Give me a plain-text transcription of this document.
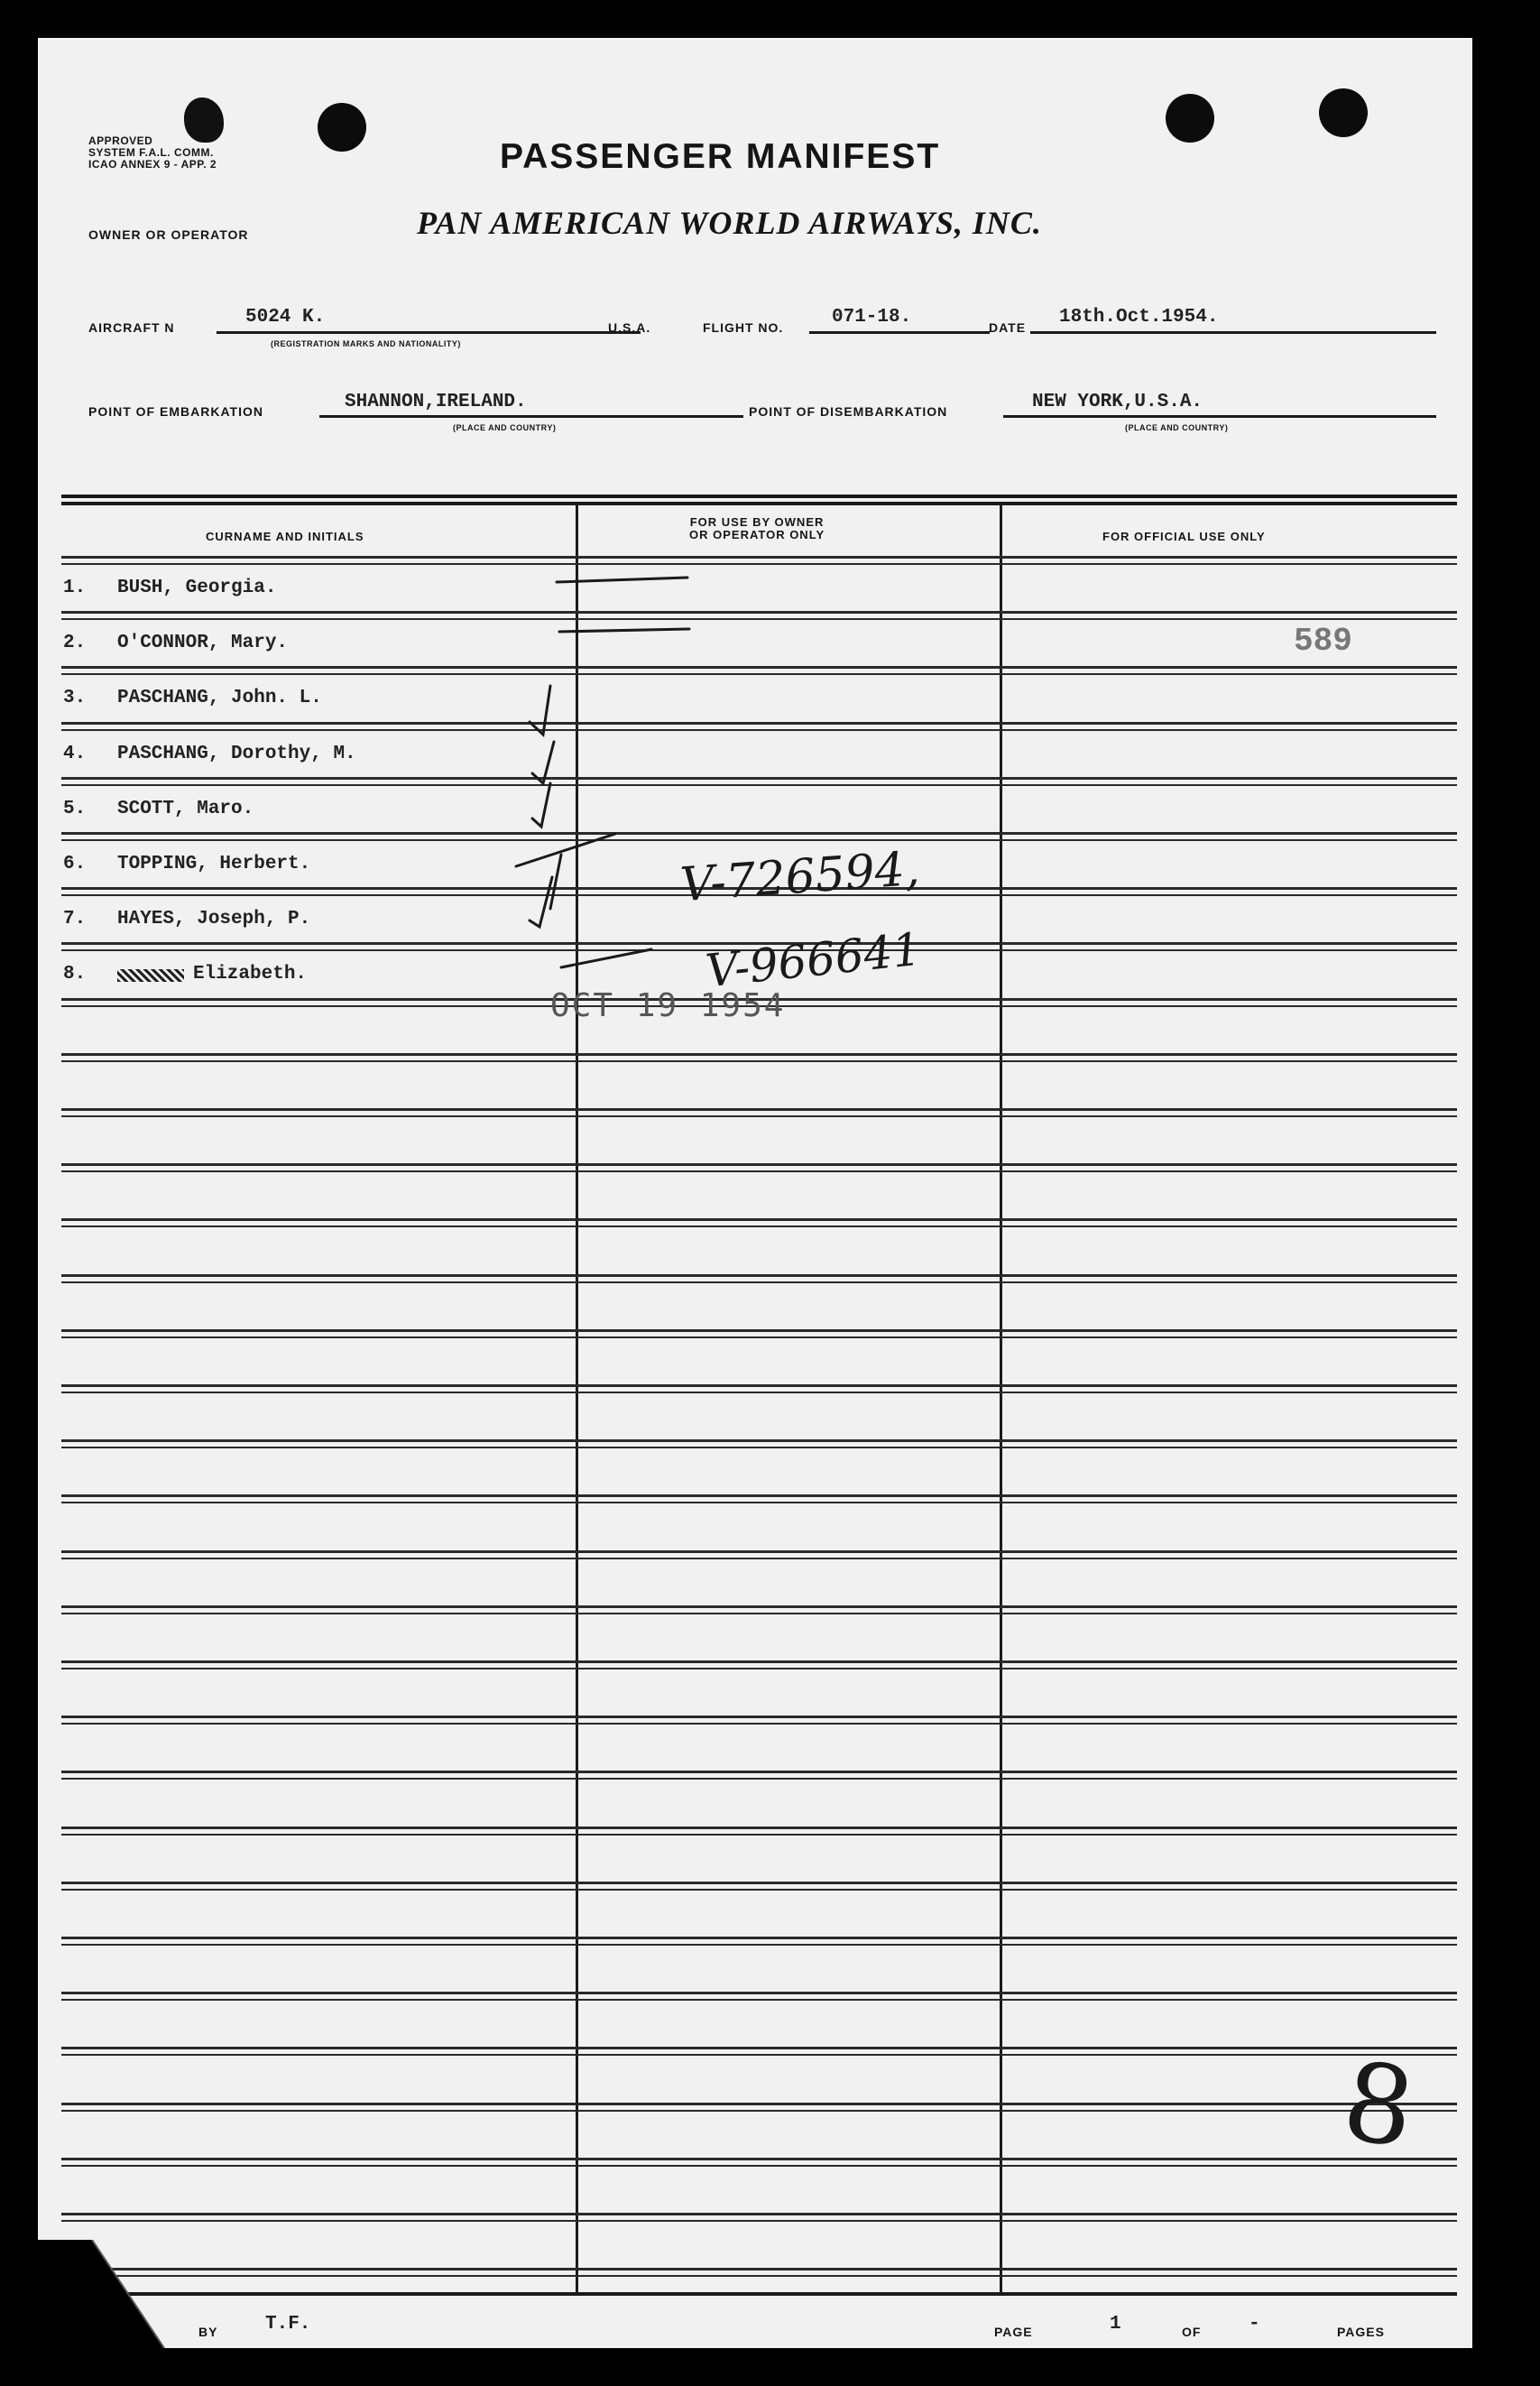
APPROVED
SYSTEM F.A.L. COMM.
ICAO ANNEX 9 - APP. 2	PASSENGER MANIFEST
OWNER OR OPERATOR	PAN AMERICAN WORLD AIRWAYS, INC.
AIRCRAFT N	5024 K.
(REGISTRATION MARKS AND NATIONALITY)
U.S.A.	FLIGHT NO.	071-18.	DATE 18th.Oct.1954.
POINT OF EMBARKATION	SHANNON,IRELAND.
(PLACE AND COUNTRY)
POINT OF DISEMBARKATION	NEW YORK,U.S.A.
(PLACE AND COUNTRY)
CURNAME AND INITIALS
FOR USE BY OWNER
OR OPERATOR ONLY	FOR OFFICIAL USE ONLY
1. BUSH, Georgia.
2. O'CONNOR, Mary.
3. PASCHANG, John. L.
4. PASCHANG, Dorothy, M.
5. SCOTT, Maro.
6. TOPPING, Herbert.
7. HAYES, Joseph, P.
8.	Elizabeth.
V-726594,
V-966641
OCT 19 1954
589
8
BY	T.F.	PAGE	1	OF	-	PAGES
